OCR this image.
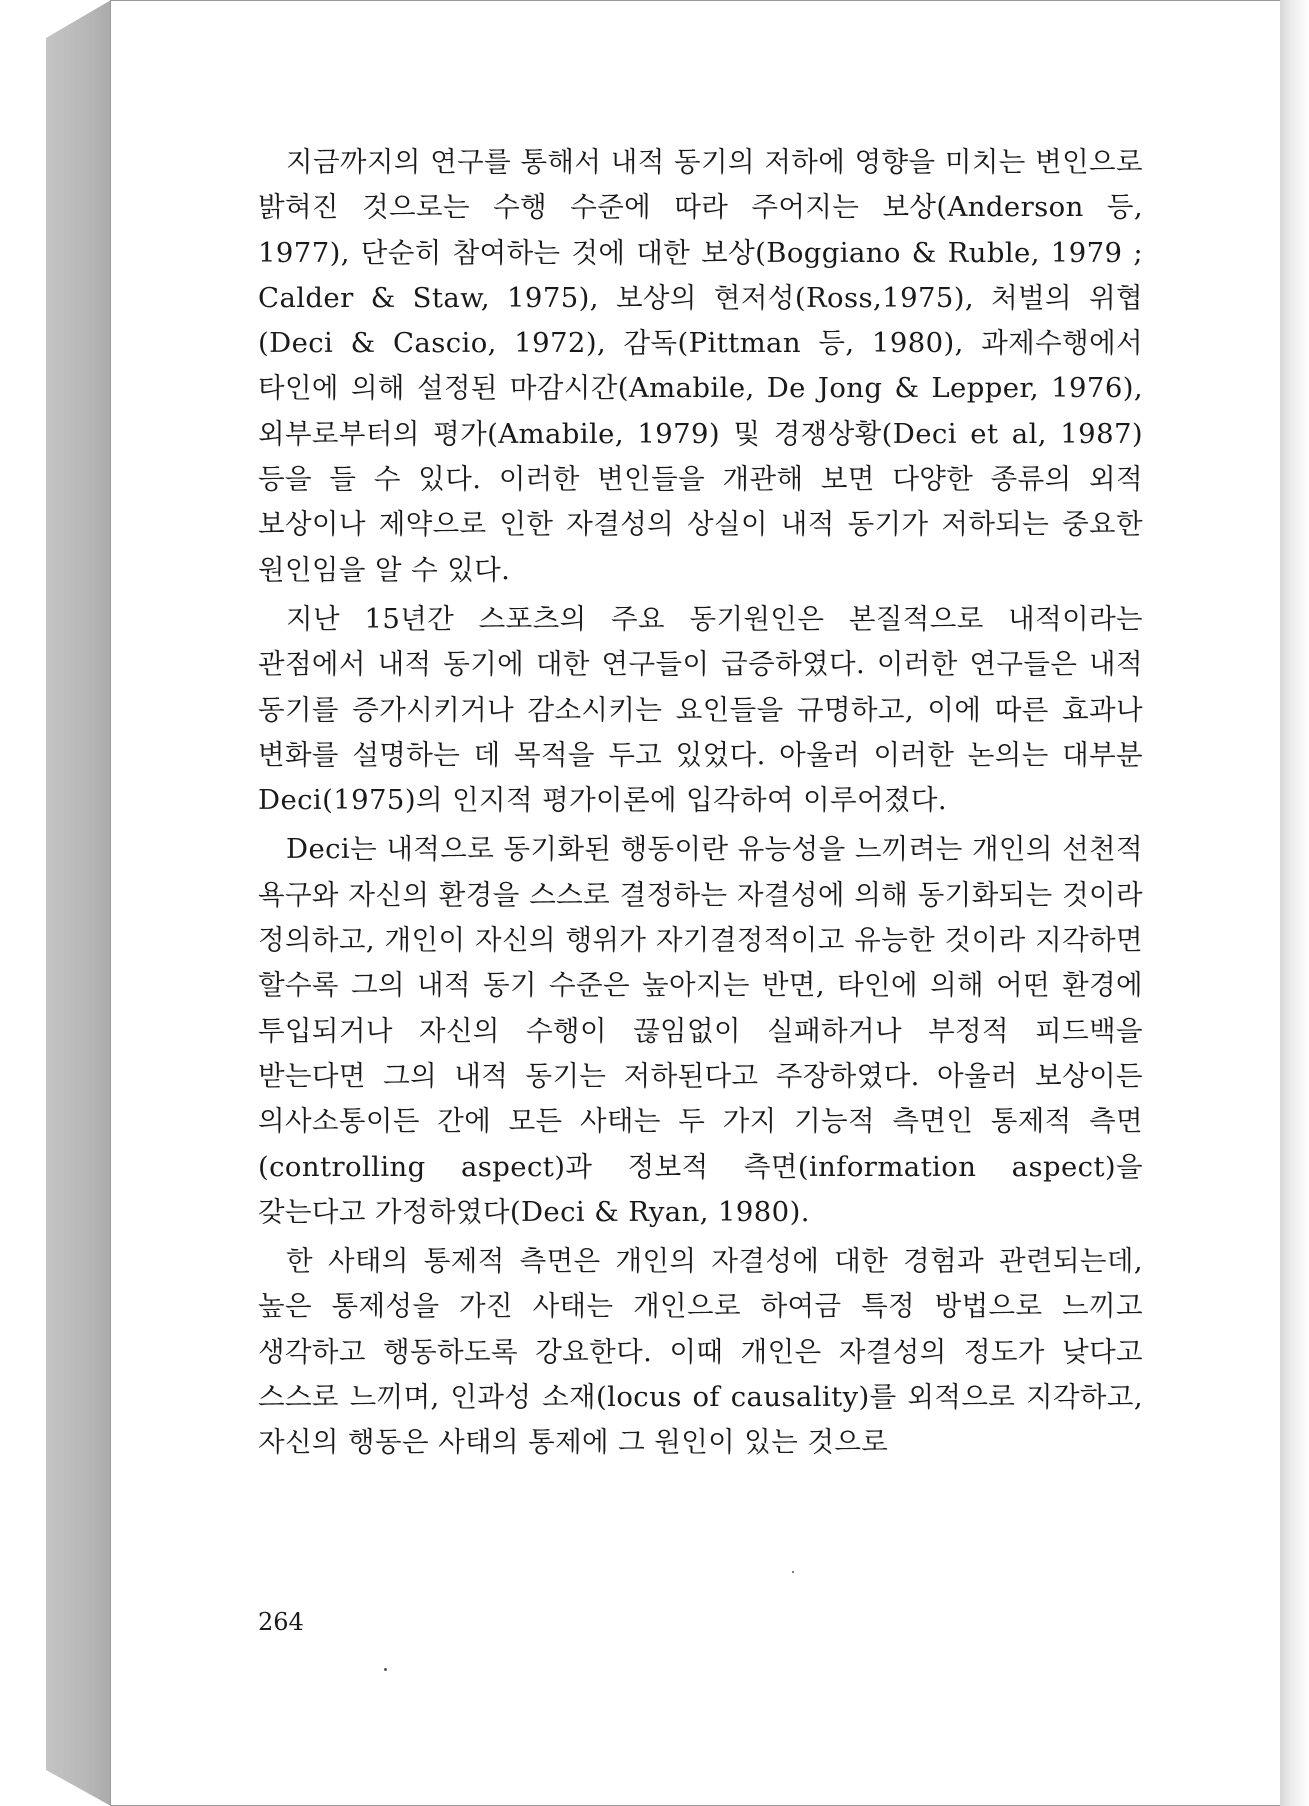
지금까지의 연구를 통해서 내적 동기의 저하에 영향을 미치는 변인으로 밝혀진 것으로는 수행 수준에 따라 주어지는 보상(Anderson 등, 1977), 단순히 참여하는 것에 대한 보상(Boggiano & Ruble, 1979 ; Calder & Staw, 1975), 보상의 현저성(Ross,1975), 처벌의 위협(Deci & Cascio, 1972), 감독(Pittman 등, 1980), 과제수행에서 타인에 의해 설정된 마감시간(Amabile, De Jong & Lepper, 1976), 외부로부터의 평가(Amabile, 1979) 및 경쟁상황(Deci et al, 1987) 등을 들 수 있다. 이러한 변인들을 개관해 보면 다양한 종류의 외적 보상이나 제약으로 인한 자결성의 상실이 내적 동기가 저하되는 중요한 원인임을 알 수 있다.

지난 15년간 스포츠의 주요 동기원인은 본질적으로 내적이라는 관점에서 내적 동기에 대한 연구들이 급증하였다. 이러한 연구들은 내적 동기를 증가시키거나 감소시키는 요인들을 규명하고, 이에 따른 효과나 변화를 설명하는 데 목적을 두고 있었다. 아울러 이러한 논의는 대부분 Deci(1975)의 인지적 평가이론에 입각하여 이루어졌다.

Deci는 내적으로 동기화된 행동이란 유능성을 느끼려는 개인의 선천적 욕구와 자신의 환경을 스스로 결정하는 자결성에 의해 동기화되는 것이라 정의하고, 개인이 자신의 행위가 자기결정적이고 유능한 것이라 지각하면 할수록 그의 내적 동기 수준은 높아지는 반면, 타인에 의해 어떤 환경에 투입되거나 자신의 수행이 끊임없이 실패하거나 부정적 피드백을 받는다면 그의 내적 동기는 저하된다고 주장하였다. 아울러 보상이든 의사소통이든 간에 모든 사태는 두 가지 기능적 측면인 통제적 측면(controlling aspect)과 정보적 측면(information aspect)을 갖는다고 가정하였다(Deci & Ryan, 1980).

한 사태의 통제적 측면은 개인의 자결성에 대한 경험과 관련되는데, 높은 통제성을 가진 사태는 개인으로 하여금 특정 방법으로 느끼고 생각하고 행동하도록 강요한다. 이때 개인은 자결성의 정도가 낮다고 스스로 느끼며, 인과성 소재(locus of causality)를 외적으로 지각하고, 자신의 행동은 사태의 통제에 그 원인이 있는 것으로

264
